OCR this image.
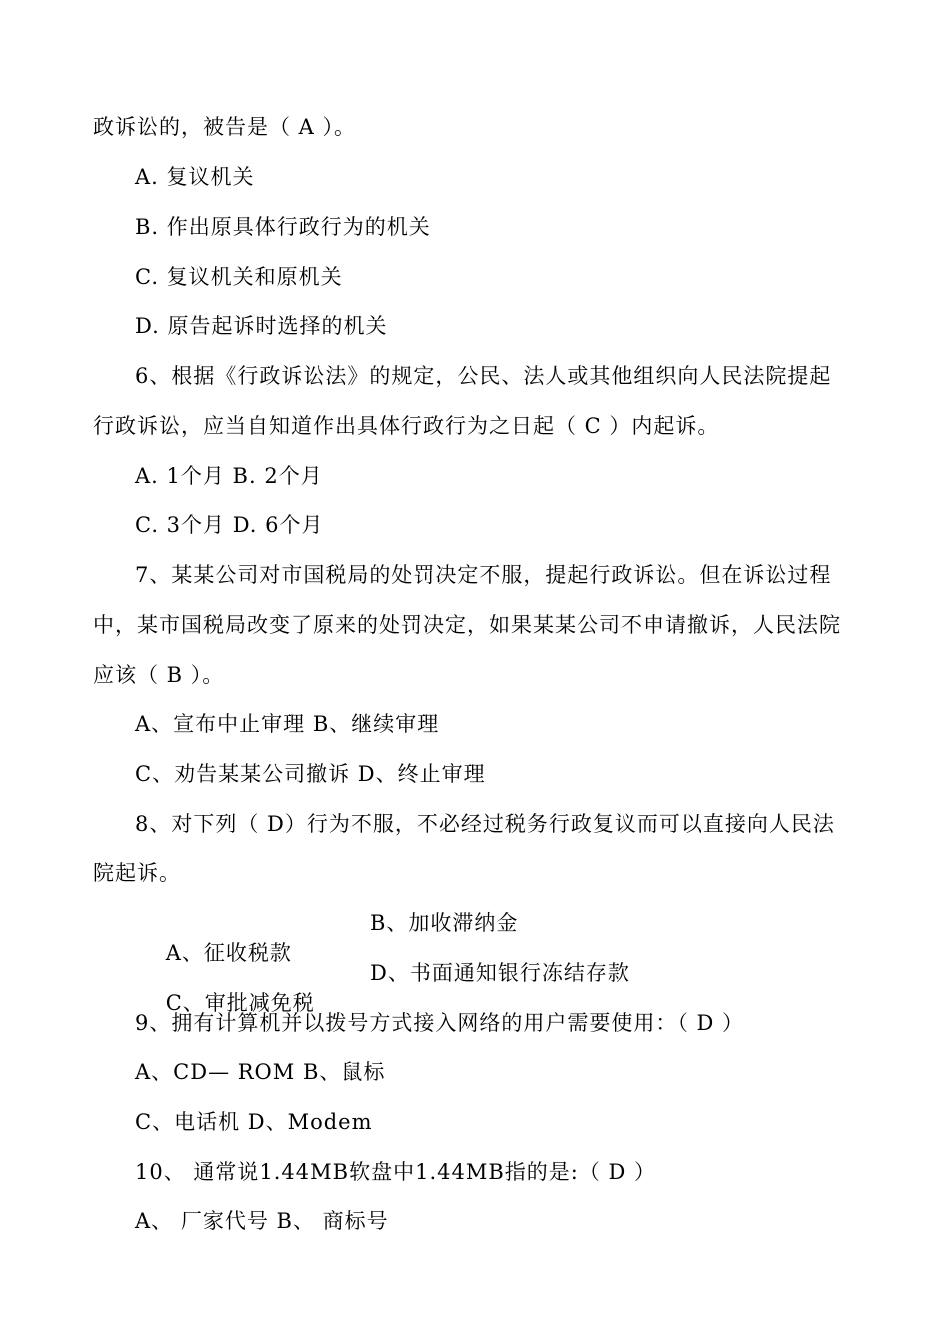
政诉讼的，被告是（ A ）。
A. 复议机关
B. 作出原具体行政行为的机关
C. 复议机关和原机关
D. 原告起诉时选择的机关
6、根据《行政诉讼法》的规定，公民、法人或其他组织向人民法院提起
行政诉讼，应当自知道作出具体行政行为之日起（ C ）内起诉。
A. 1个月 B. 2个月
C. 3个月 D. 6个月
7、某某公司对市国税局的处罚决定不服，提起行政诉讼。但在诉讼过程
中，某市国税局改变了原来的处罚决定，如果某某公司不申请撤诉，人民法院
应该（ B ）。
A、宣布中止审理 B、继续审理
C、劝告某某公司撤诉 D、终止审理
8、对下列（ D）行为不服，不必经过税务行政复议而可以直接向人民法
院起诉。

A、征收税款

B、加收滞纳金

C、审批减免税

D、书面通知银行冻结存款

9、拥有计算机并以拨号方式接入网络的用户需要使用：（ D ）
A、CD— ROM B、鼠标
C、电话机 D、Modem
10、 通常说1.44MB软盘中1.44MB指的是:（ D ）
A、 厂家代号 B、 商标号
